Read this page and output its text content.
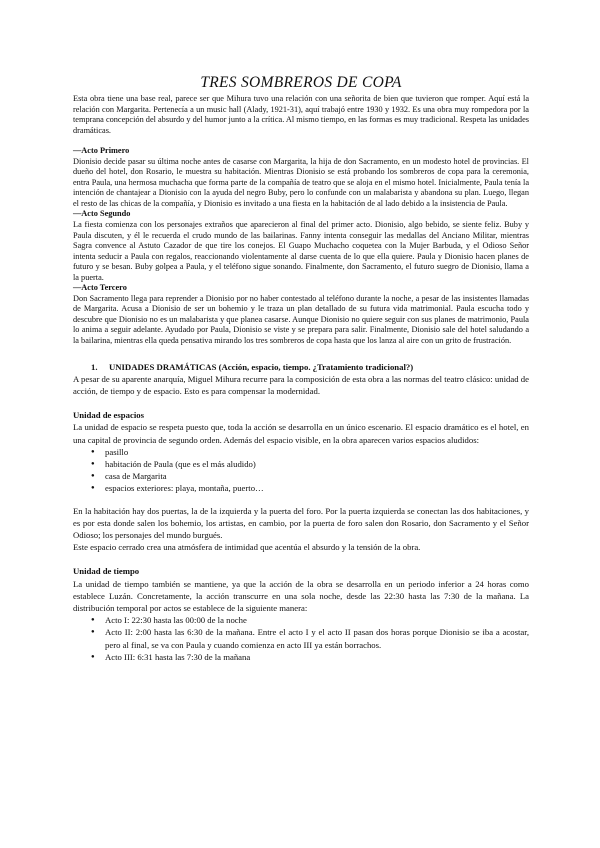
TRES SOMBREROS DE COPA

Esta obra tiene una base real, parece ser que Mihura tuvo una relación con una señorita de bien que tuvieron que romper. Aquí está la relación con Margarita. Pertenecía a un music hall (Alady, 1921-31), aquí trabajó entre 1930 y 1932. Es una obra muy rompedora por la temprana concepción del absurdo y del humor junto a la crítica. Al mismo tiempo, en las formas es muy tradicional. Respeta las unidades dramáticas.

—Acto Primero

Dionisio decide pasar su última noche antes de casarse con Margarita, la hija de don Sacramento, en un modesto hotel de provincias. El dueño del hotel, don Rosario, le muestra su habitación. Mientras Dionisio se está probando los sombreros de copa para la ceremonia, entra Paula, una hermosa muchacha que forma parte de la compañía de teatro que se aloja en el mismo hotel. Inicialmente, Paula tenía la intención de chantajear a Dionisio con la ayuda del negro Buby, pero lo confunde con un malabarista y abandona su plan. Luego, llegan el resto de las chicas de la compañía, y Dionisio es invitado a una fiesta en la habitación de al lado debido a la insistencia de Paula.

—Acto Segundo

La fiesta comienza con los personajes extraños que aparecieron al final del primer acto. Dionisio, algo bebido, se siente feliz. Buby y Paula discuten, y él le recuerda el crudo mundo de las bailarinas. Fanny intenta conseguir las medallas del Anciano Militar, mientras Sagra convence al Astuto Cazador de que tire los conejos. El Guapo Muchacho coquetea con la Mujer Barbuda, y el Odioso Señor intenta seducir a Paula con regalos, reaccionando violentamente al darse cuenta de lo que ella quiere. Paula y Dionisio hacen planes de futuro y se besan. Buby golpea a Paula, y el teléfono sigue sonando. Finalmente, don Sacramento, el futuro suegro de Dionisio, llama a la puerta.

—Acto Tercero

Don Sacramento llega para reprender a Dionisio por no haber contestado al teléfono durante la noche, a pesar de las insistentes llamadas de Margarita. Acusa a Dionisio de ser un bohemio y le traza un plan detallado de su futura vida matrimonial. Paula escucha todo y descubre que Dionisio no es un malabarista y que planea casarse. Aunque Dionisio no quiere seguir con sus planes de matrimonio, Paula lo anima a seguir adelante. Ayudado por Paula, Dionisio se viste y se prepara para salir. Finalmente, Dionisio sale del hotel saludando a la bailarina, mientras ella queda pensativa mirando los tres sombreros de copa hasta que los lanza al aire con un grito de frustración.

1. UNIDADES DRAMÁTICAS (Acción, espacio, tiempo. ¿Tratamiento tradicional?)

A pesar de su aparente anarquía, Miguel Mihura recurre para la composición de esta obra a las normas del teatro clásico: unidad de acción, de tiempo y de espacio. Esto es para compensar la modernidad.

Unidad de espacios

La unidad de espacio se respeta puesto que, toda la acción se desarrolla en un único escenario. El espacio dramático es el hotel, en una capital de provincia de segundo orden. Además del espacio visible, en la obra aparecen varios espacios aludidos:

● pasillo
● habitación de Paula (que es el más aludido)
● casa de Margarita
● espacios exteriores: playa, montaña, puerto…

En la habitación hay dos puertas, la de la izquierda y la puerta del foro. Por la puerta izquierda se conectan las dos habitaciones, y es por esta donde salen los bohemio, los artistas, en cambio, por la puerta de foro salen don Rosario, don Sacramento y el Señor Odioso; los personajes del mundo burgués.

Este espacio cerrado crea una atmósfera de intimidad que acentúa el absurdo y la tensión de la obra.

Unidad de tiempo

La unidad de tiempo también se mantiene, ya que la acción de la obra se desarrolla en un periodo inferior a 24 horas como establece Luzán. Concretamente, la acción transcurre en una sola noche, desde las 22:30 hasta las 7:30 de la mañana. La distribución temporal por actos se establece de la siguiente manera:

● Acto I: 22:30 hasta las 00:00 de la noche
● Acto II: 2:00 hasta las 6:30 de la mañana. Entre el acto I y el acto II pasan dos horas porque Dionisio se iba a acostar, pero al final, se va con Paula y cuando comienza en acto III ya están borrachos.
● Acto III: 6:31 hasta las 7:30 de la mañana
